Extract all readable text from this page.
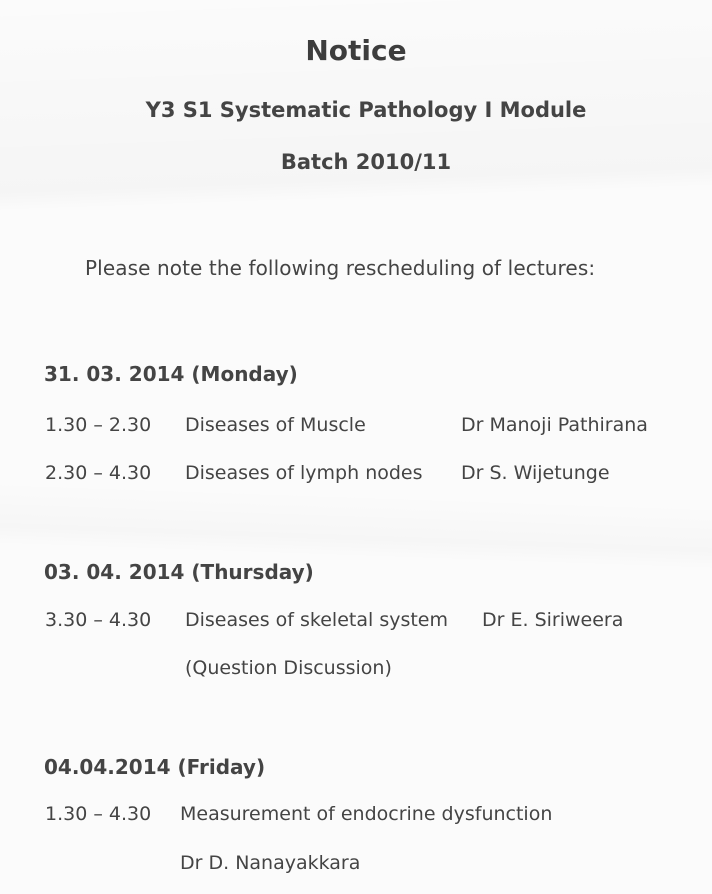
Notice
Y3 S1 Systematic Pathology I Module
Batch 2010/11
Please note the following rescheduling of lectures:
31. 03. 2014 (Monday)
1.30 – 2.30 Diseases of Muscle	Dr Manoji Pathirana
2.30 – 4.30 Diseases of lymph nodes Dr S. Wijetunge
03. 04. 2014 (Thursday)
3.30 – 4.30 Diseases of skeletal system Dr E. Siriweera
(Question Discussion)
04.04.2014 (Friday)
1.30 – 4.30 Measurement of endocrine dysfunction
Dr D. Nanayakkara
